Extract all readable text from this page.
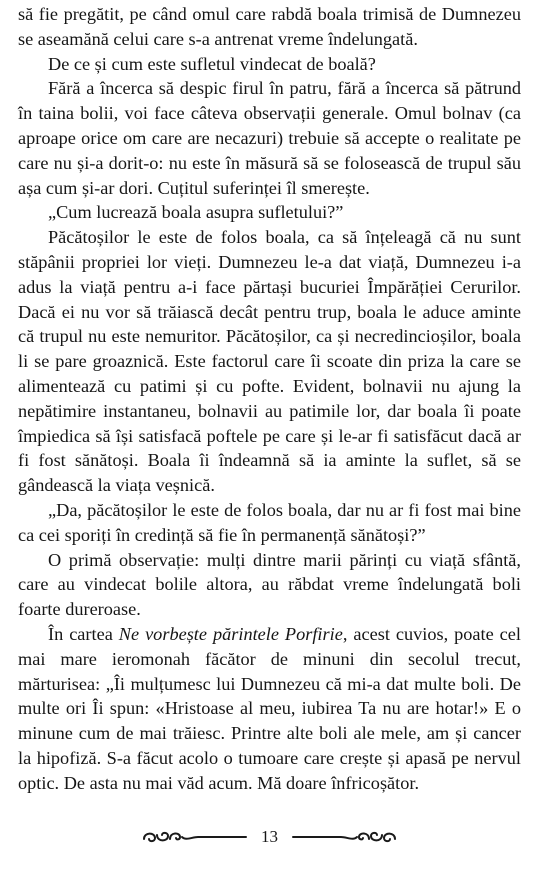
să fie pregătit, pe când omul care rabdă boala trimisă de Dumnezeu se aseamănă celui care s-a antrenat vreme îndelungată.

De ce și cum este sufletul vindecat de boală?

Fără a încerca să despic firul în patru, fără a încerca să pătrund în taina bolii, voi face câteva observații generale. Omul bolnav (ca aproape orice om care are necazuri) trebuie să accepte o realitate pe care nu și-a dorit-o: nu este în măsură să se folosească de trupul său așa cum și-ar dori. Cuțitul suferinței îl smerește.

„Cum lucrează boala asupra sufletului?”

Păcătoșilor le este de folos boala, ca să înțeleagă că nu sunt stăpânii propriei lor vieți. Dumnezeu le-a dat viață, Dumnezeu i-a adus la viață pentru a-i face părtași bucuriei Împărăției Cerurilor. Dacă ei nu vor să trăiască decât pentru trup, boala le aduce aminte că trupul nu este nemuritor. Păcătoșilor, ca și necredincioșilor, boala li se pare groaznică. Este factorul care îi scoate din priza la care se alimentează cu patimi și cu pofte. Evident, bolnavii nu ajung la nepătimire instantaneu, bolnavii au patimile lor, dar boala îi poate împiedica să își satisfacă poftele pe care și le-ar fi satisfăcut dacă ar fi fost sănătoși. Boala îi îndeamnă să ia aminte la suflet, să se gândească la viața veșnică.

„Da, păcătoșilor le este de folos boala, dar nu ar fi fost mai bine ca cei sporiți în credință să fie în permanență sănătoși?”

O primă observație: mulți dintre marii părinți cu viață sfântă, care au vindecat bolile altora, au răbdat vreme îndelungată boli foarte dureroase.

În cartea Ne vorbește părintele Porfirie, acest cuvios, poate cel mai mare ieromonah făcător de minuni din secolul trecut, mărturisea: „Îi mulțumesc lui Dumnezeu că mi-a dat multe boli. De multe ori Îi spun: «Hristoase al meu, iubirea Ta nu are hotar!» E o minune cum de mai trăiesc. Printre alte boli ale mele, am și cancer la hipofiză. S-a făcut acolo o tumoare care crește și apasă pe nervul optic. De asta nu mai văd acum. Mă doare înfricoșător.

13
